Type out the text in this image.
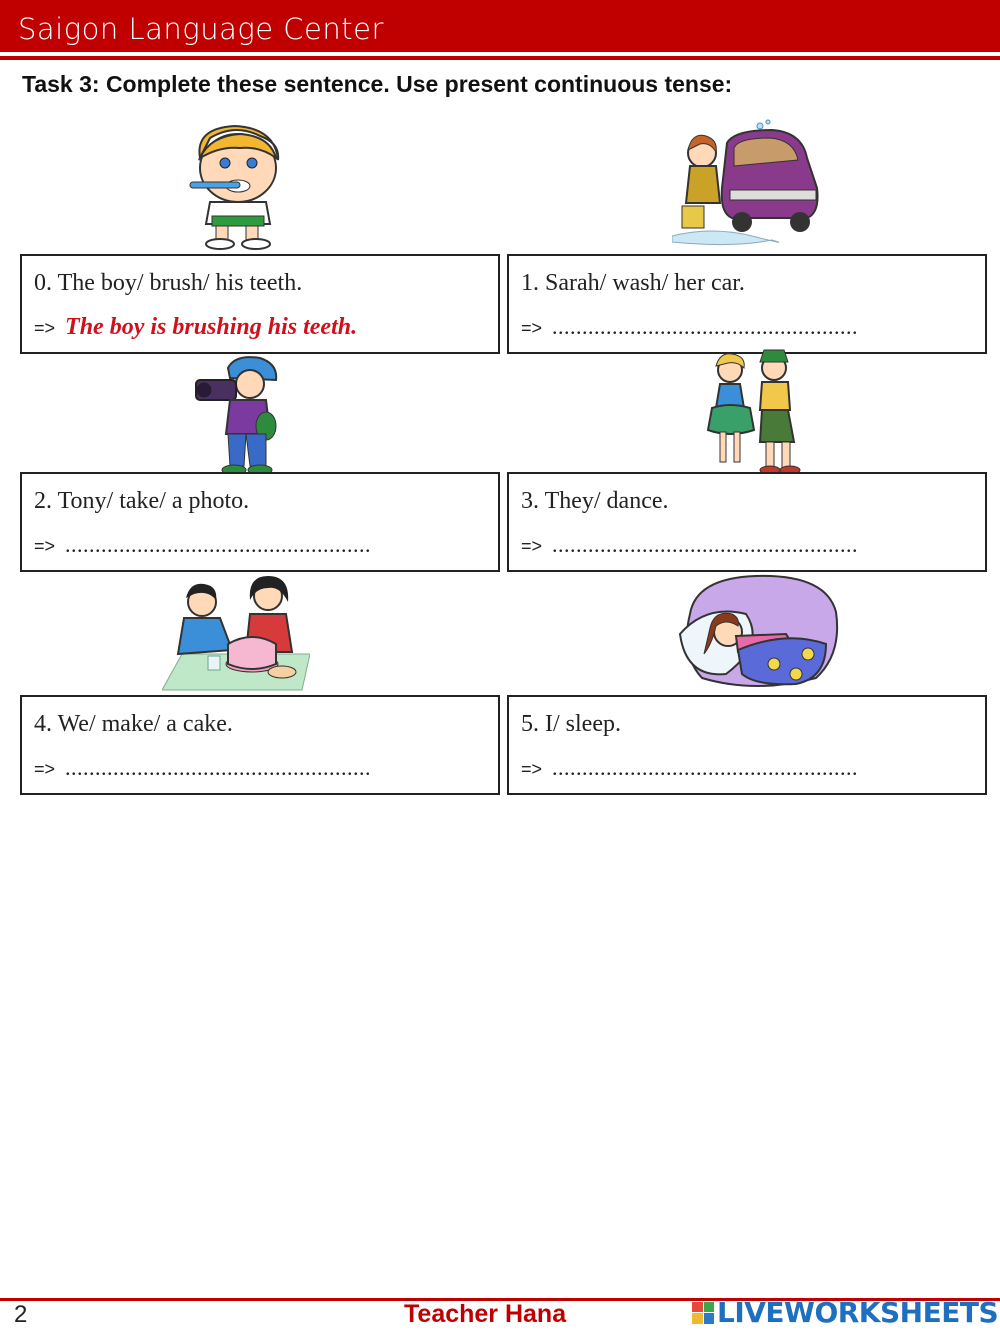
Saigon Language Center
Task 3: Complete these sentence. Use present continuous tense:
0. The boy/ brush/ his teeth.
=> The boy is brushing his teeth.
1. Sarah/ wash/ her car.
=> ...................................................
2. Tony/ take/ a photo.
=> ...................................................
3. They/ dance.
=> ...................................................
4. We/ make/ a cake.
=> ...................................................
5. I/ sleep.
=> ...................................................
2	Teacher Hana	LIVEWORKSHEETS
